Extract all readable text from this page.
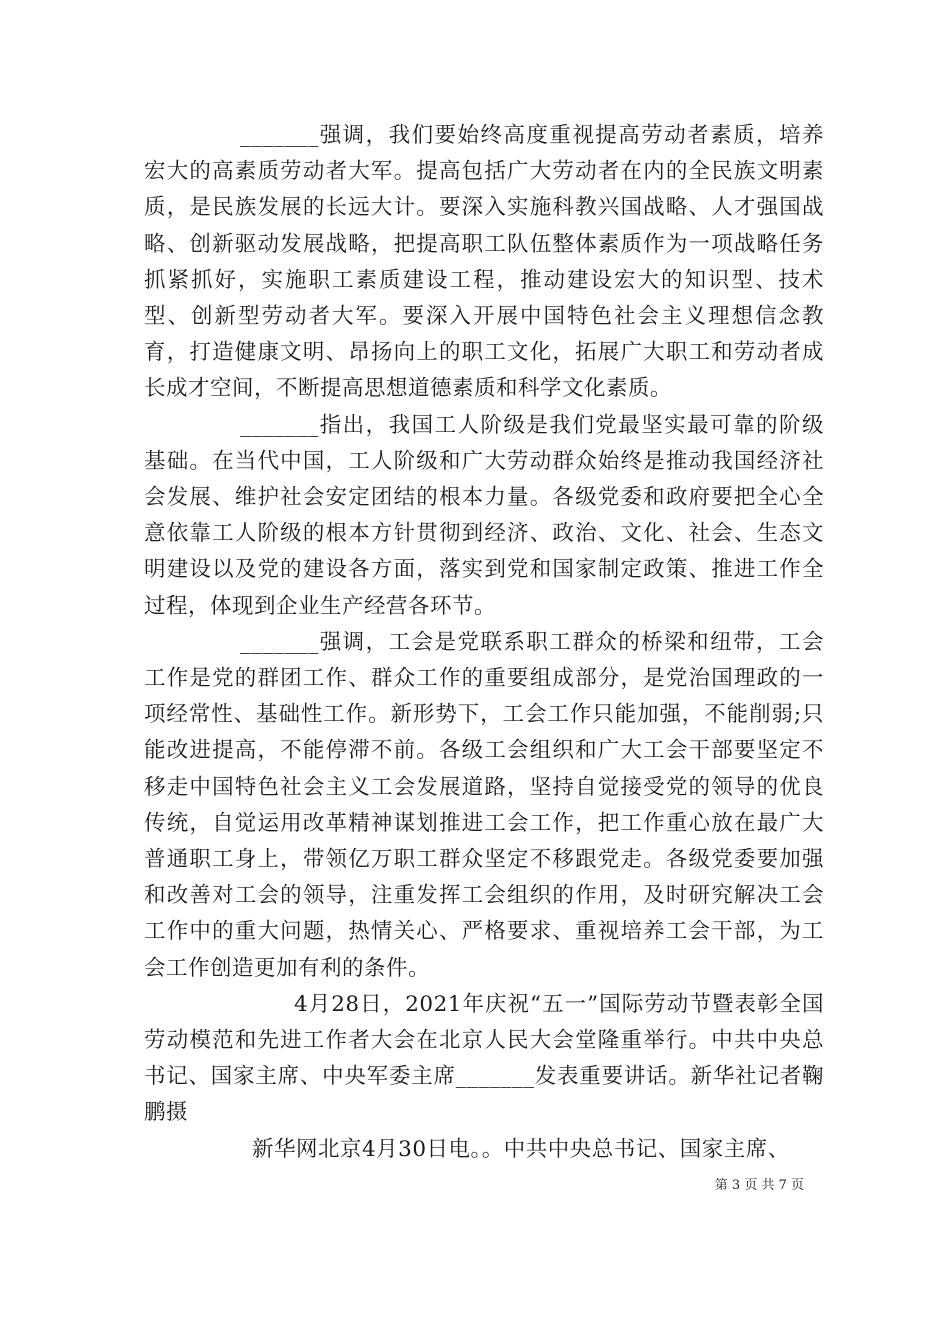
_______强调，我们要始终高度重视提高劳动者素质，培养宏大的高素质劳动者大军。提高包括广大劳动者在内的全民族文明素质，是民族发展的长远大计。要深入实施科教兴国战略、人才强国战略、创新驱动发展战略，把提高职工队伍整体素质作为一项战略任务抓紧抓好，实施职工素质建设工程，推动建设宏大的知识型、技术型、创新型劳动者大军。要深入开展中国特色社会主义理想信念教育，打造健康文明、昂扬向上的职工文化，拓展广大职工和劳动者成长成才空间，不断提高思想道德素质和科学文化素质。

_______指出，我国工人阶级是我们党最坚实最可靠的阶级基础。在当代中国，工人阶级和广大劳动群众始终是推动我国经济社会发展、维护社会安定团结的根本力量。各级党委和政府要把全心全意依靠工人阶级的根本方针贯彻到经济、政治、文化、社会、生态文明建设以及党的建设各方面，落实到党和国家制定政策、推进工作全过程，体现到企业生产经营各环节。

_______强调，工会是党联系职工群众的桥梁和纽带，工会工作是党的群团工作、群众工作的重要组成部分，是党治国理政的一项经常性、基础性工作。新形势下，工会工作只能加强，不能削弱;只能改进提高，不能停滞不前。各级工会组织和广大工会干部要坚定不移走中国特色社会主义工会发展道路，坚持自觉接受党的领导的优良传统，自觉运用改革精神谋划推进工会工作，把工作重心放在最广大普通职工身上，带领亿万职工群众坚定不移跟党走。各级党委要加强和改善对工会的领导，注重发挥工会组织的作用，及时研究解决工会工作中的重大问题，热情关心、严格要求、重视培养工会干部，为工会工作创造更加有利的条件。

4月28日，2021年庆祝“五一”国际劳动节暨表彰全国劳动模范和先进工作者大会在北京人民大会堂隆重举行。中共中央总书记、国家主席、中央军委主席_______发表重要讲话。新华社记者鞠鹏摄

新华网北京4月30日电。。中共中央总书记、国家主席、

第 3 页 共 7 页
